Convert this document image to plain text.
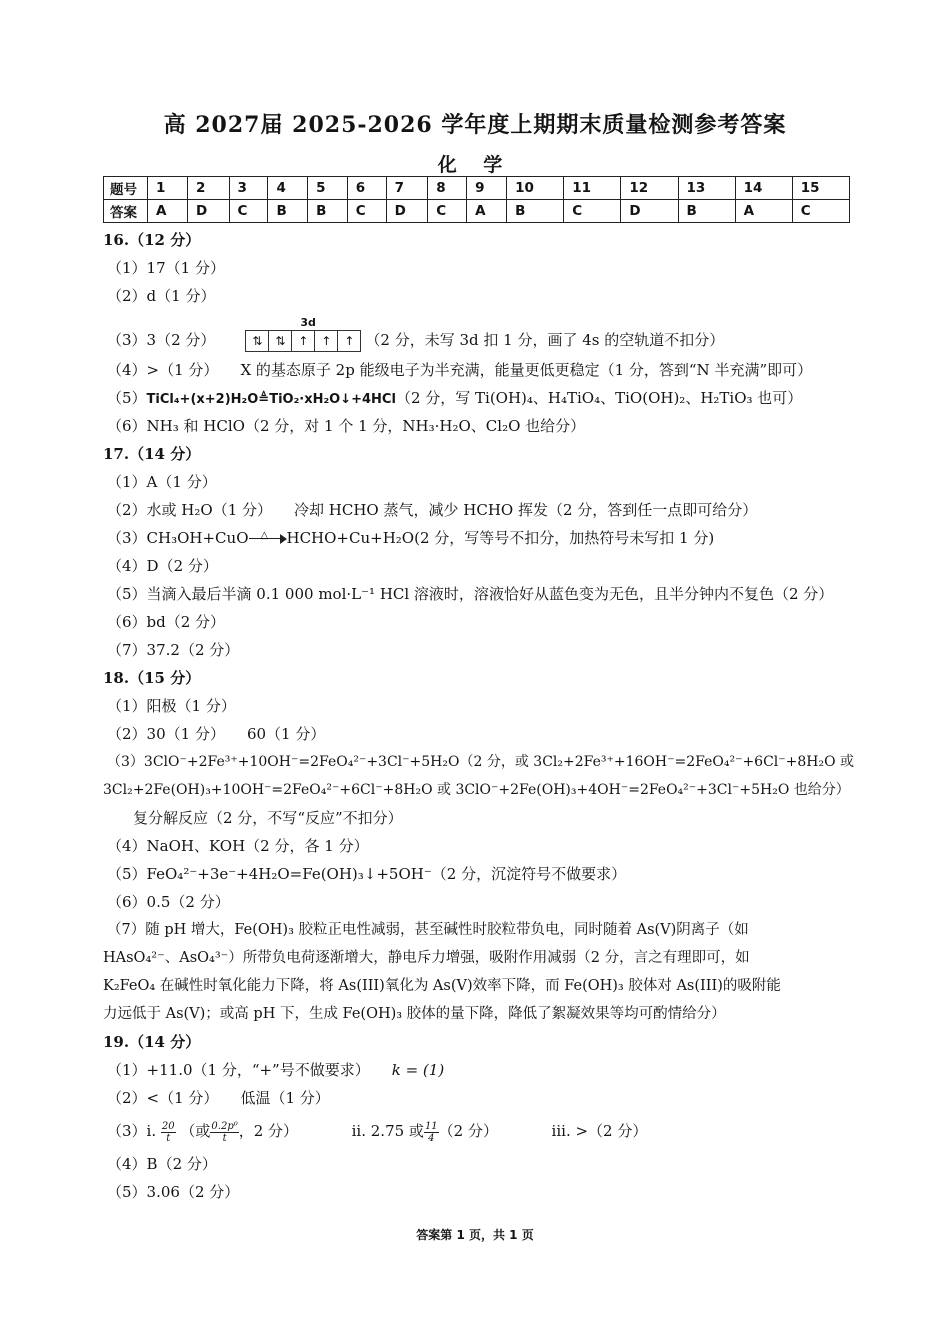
高 2027届 2025-2026 学年度上期期末质量检测参考答案
化 学
题号	1	2	3	4	5	6	7	8	9	10	11	12	13	14	15
答案	A	D	C	B	B	C	D	C	A	B	C	D	B	A	C
16.（12 分）
（1）17（1 分）
（2）d（1 分）
（3）3（2 分）
3d
⇅	⇅	↑	↑	↑ （2 分，未写 3d 扣 1 分，画了 4s 的空轨道不扣分）
（4）>（1 分） X 的基态原子 2p 能级电子为半充满，能量更低更稳定（1 分，答到“N 半充满”即可）
（5）TiCl₄+(x+2)H₂O≜TiO₂·xH₂O↓+4HCl（2 分，写 Ti(OH)₄、H₄TiO₄、TiO(OH)₂、H₂TiO₃ 也可）
（6）NH₃ 和 HClO（2 分，对 1 个 1 分，NH₃·H₂O、Cl₂O 也给分）
17.（14 分）
（1）A（1 分）
（2）水或 H₂O（1 分） 冷却 HCHO 蒸气，减少 HCHO 挥发（2 分，答到任一点即可给分）
（3）CH₃OH+CuO △ HCHO+Cu+H₂O(2 分，写等号不扣分，加热符号未写扣 1 分)
（4）D（2 分）
（5）当滴入最后半滴 0.1 000 mol·L⁻¹ HCl 溶液时，溶液恰好从蓝色变为无色，且半分钟内不复色（2 分）
（6）bd（2 分）
（7）37.2（2 分）
18.（15 分）
（1）阳极（1 分）
（2）30（1 分） 60（1 分）
（3）3ClO⁻+2Fe³⁺+10OH⁻=2FeO₄²⁻+3Cl⁻+5H₂O（2 分，或 3Cl₂+2Fe³⁺+16OH⁻=2FeO₄²⁻+6Cl⁻+8H₂O 或
3Cl₂+2Fe(OH)₃+10OH⁻=2FeO₄²⁻+6Cl⁻+8H₂O 或 3ClO⁻+2Fe(OH)₃+4OH⁻=2FeO₄²⁻+3Cl⁻+5H₂O 也给分）
复分解反应（2 分，不写“反应”不扣分）
（4）NaOH、KOH（2 分，各 1 分）
（5）FeO₄²⁻+3e⁻+4H₂O=Fe(OH)₃↓+5OH⁻（2 分，沉淀符号不做要求）
（6）0.5（2 分）
（7）随 pH 增大，Fe(OH)₃ 胶粒正电性减弱，甚至碱性时胶粒带负电，同时随着 As(V)阴离子（如
HAsO₄²⁻、AsO₄³⁻）所带负电荷逐渐增大，静电斥力增强，吸附作用减弱（2 分，言之有理即可，如
K₂FeO₄ 在碱性时氧化能力下降，将 As(III)氧化为 As(V)效率下降，而 Fe(OH)₃ 胶体对 As(III)的吸附能
力远低于 As(V)；或高 pH 下，生成 Fe(OH)₃ 胶体的量下降，降低了絮凝效果等均可酌情给分）
19.（14 分）
（1）+11.0（1 分，“+”号不做要求） k = (1)
（2）<（1 分） 低温（1 分）
（3）i. $\frac{20}{t}$ （或 $\frac{\text{0.2p⁰}}{t}$ ，2 分）	ii. 2.75 或 $\frac{11}{4} (2$ 分）	iii. >（2 分）
（4）B（2 分）
（5）3.06（2 分）
答案第 1 页，共 1 页
